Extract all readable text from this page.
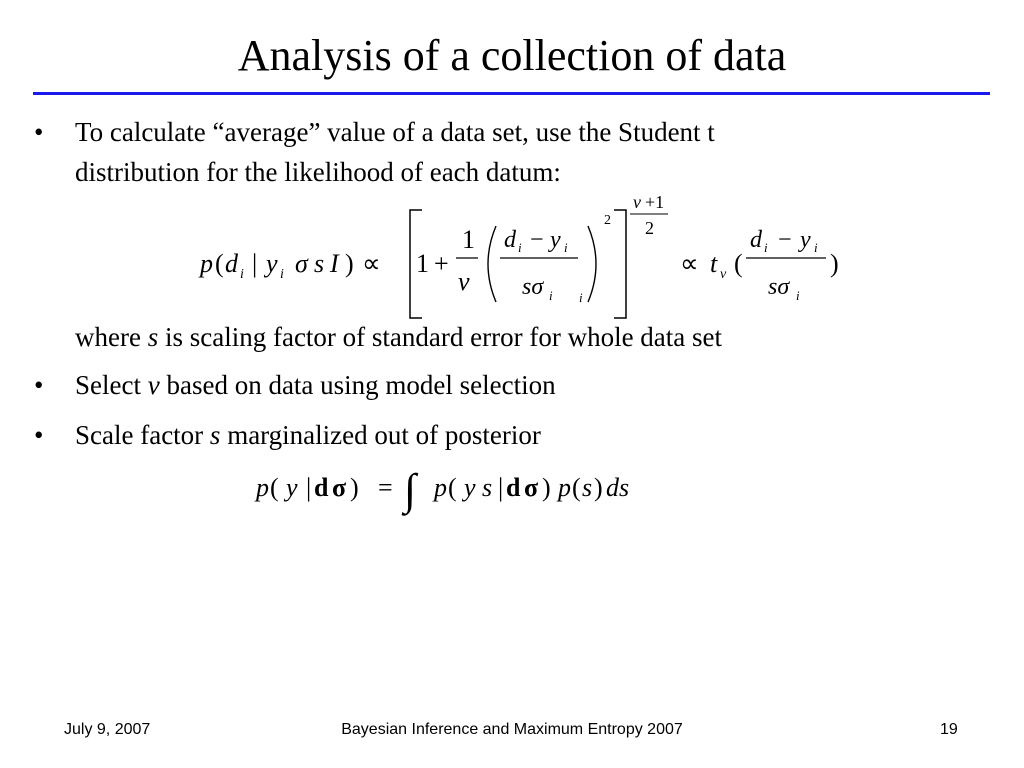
Analysis of a collection of data
• To calculate “average” value of a data set, use the Student t
distribution for the likelihood of each datum:
p ( d i | y i σ s I ) ∝ 1 +
1
ν
d i − y i
sσ i i
2
ν +1
2
∝ t ν (
d i − y i
sσ i
)
where s is scaling factor of standard error for whole data set
• Select v based on data using model selection
• Scale factor s marginalized out of posterior
p ( y | d σ ) = ∫ p ( y s | d σ ) p ( s ) ds
July 9, 2007	Bayesian Inference and Maximum Entropy 2007	19
